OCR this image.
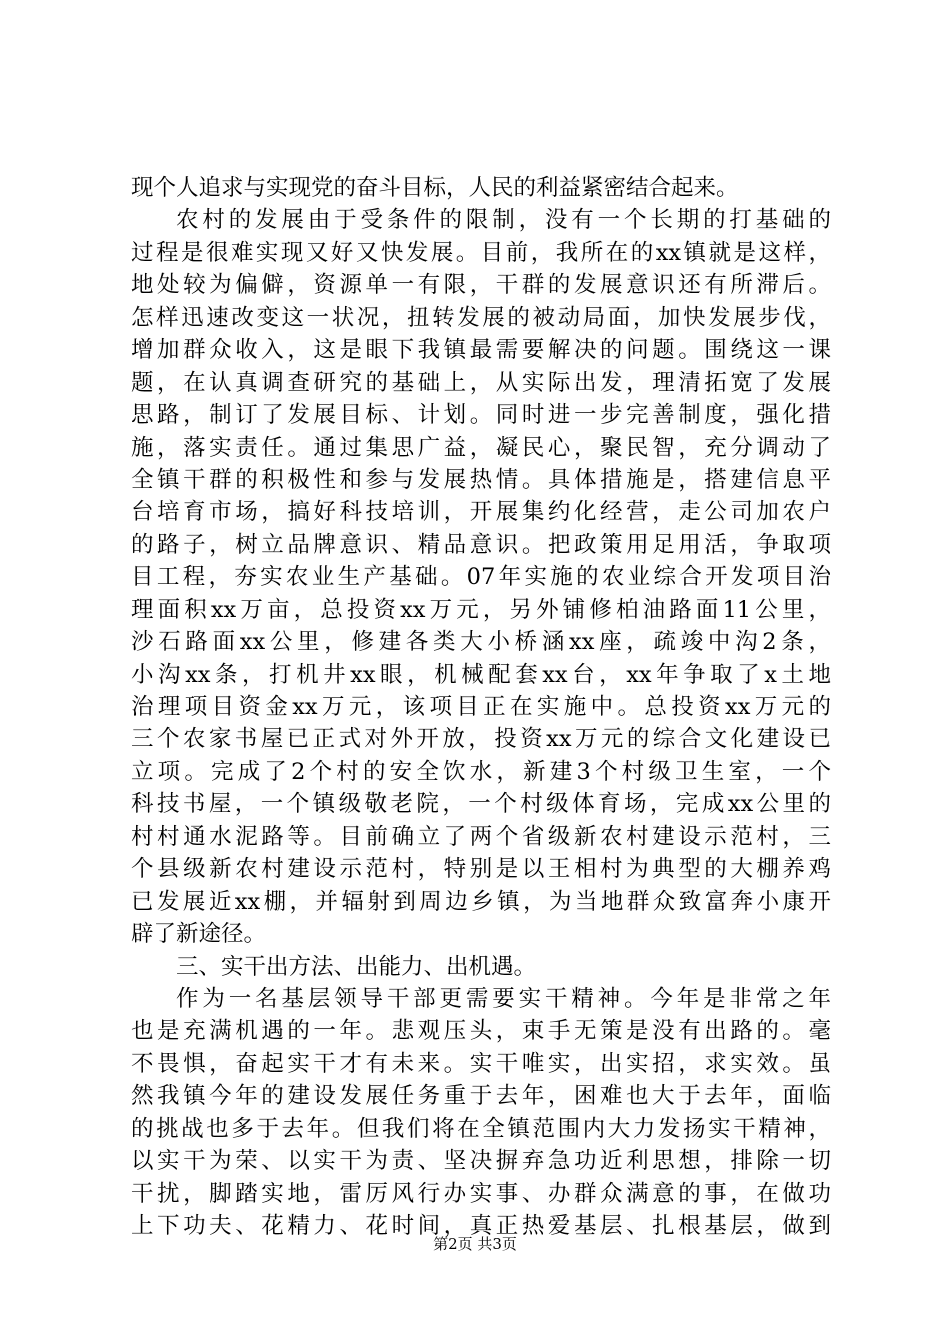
现个人追求与实现党的奋斗目标，人民的利益紧密结合起来。
农村的发展由于受条件的限制，没有一个长期的打基础的
过程是很难实现又好又快发展。目前，我所在的xx镇就是这样，
地处较为偏僻，资源单一有限，干群的发展意识还有所滞后。
怎样迅速改变这一状况，扭转发展的被动局面，加快发展步伐，
增加群众收入，这是眼下我镇最需要解决的问题。围绕这一课
题，在认真调查研究的基础上，从实际出发，理清拓宽了发展
思路，制订了发展目标、计划。同时进一步完善制度，强化措
施，落实责任。通过集思广益，凝民心，聚民智，充分调动了
全镇干群的积极性和参与发展热情。具体措施是，搭建信息平
台培育市场，搞好科技培训，开展集约化经营，走公司加农户
的路子，树立品牌意识、精品意识。把政策用足用活，争取项
目工程，夯实农业生产基础。07年实施的农业综合开发项目治
理面积xx万亩，总投资xx万元，另外铺修柏油路面11公里，
沙石路面xx公里，修建各类大小桥涵xx座，疏竣中沟2条，
小沟xx条，打机井xx眼，机械配套xx台，xx年争取了x土地
治理项目资金xx万元，该项目正在实施中。总投资xx万元的
三个农家书屋已正式对外开放，投资xx万元的综合文化建设已
立项。完成了2个村的安全饮水，新建3个村级卫生室，一个
科技书屋，一个镇级敬老院，一个村级体育场，完成xx公里的
村村通水泥路等。目前确立了两个省级新农村建设示范村，三
个县级新农村建设示范村，特别是以王相村为典型的大棚养鸡
已发展近xx棚，并辐射到周边乡镇，为当地群众致富奔小康开
辟了新途径。
三、实干出方法、出能力、出机遇。
作为一名基层领导干部更需要实干精神。今年是非常之年
也是充满机遇的一年。悲观压头，束手无策是没有出路的。毫
不畏惧，奋起实干才有未来。实干唯实，出实招，求实效。虽
然我镇今年的建设发展任务重于去年，困难也大于去年，面临
的挑战也多于去年。但我们将在全镇范围内大力发扬实干精神，
以实干为荣、以实干为责、坚决摒弃急功近利思想，排除一切
干扰，脚踏实地，雷厉风行办实事、办群众满意的事，在做功
上下功夫、花精力、花时间，真正热爱基层、扎根基层，做到
第2页 共3页
